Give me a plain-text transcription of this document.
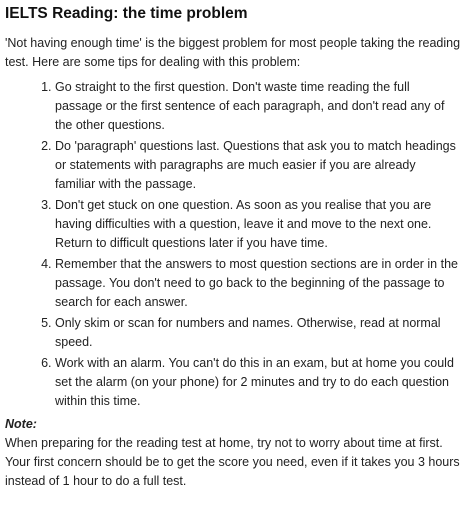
IELTS Reading: the time problem

'Not having enough time' is the biggest problem for most people taking the reading test. Here are some tips for dealing with this problem:

1. Go straight to the first question. Don't waste time reading the full passage or the first sentence of each paragraph, and don't read any of the other questions.
2. Do 'paragraph' questions last. Questions that ask you to match headings or statements with paragraphs are much easier if you are already familiar with the passage.
3. Don't get stuck on one question. As soon as you realise that you are having difficulties with a question, leave it and move to the next one. Return to difficult questions later if you have time.
4. Remember that the answers to most question sections are in order in the passage. You don't need to go back to the beginning of the passage to search for each answer.
5. Only skim or scan for numbers and names. Otherwise, read at normal speed.
6. Work with an alarm. You can't do this in an exam, but at home you could set the alarm (on your phone) for 2 minutes and try to do each question within this time.

Note:

When preparing for the reading test at home, try not to worry about time at first. Your first concern should be to get the score you need, even if it takes you 3 hours instead of 1 hour to do a full test.
